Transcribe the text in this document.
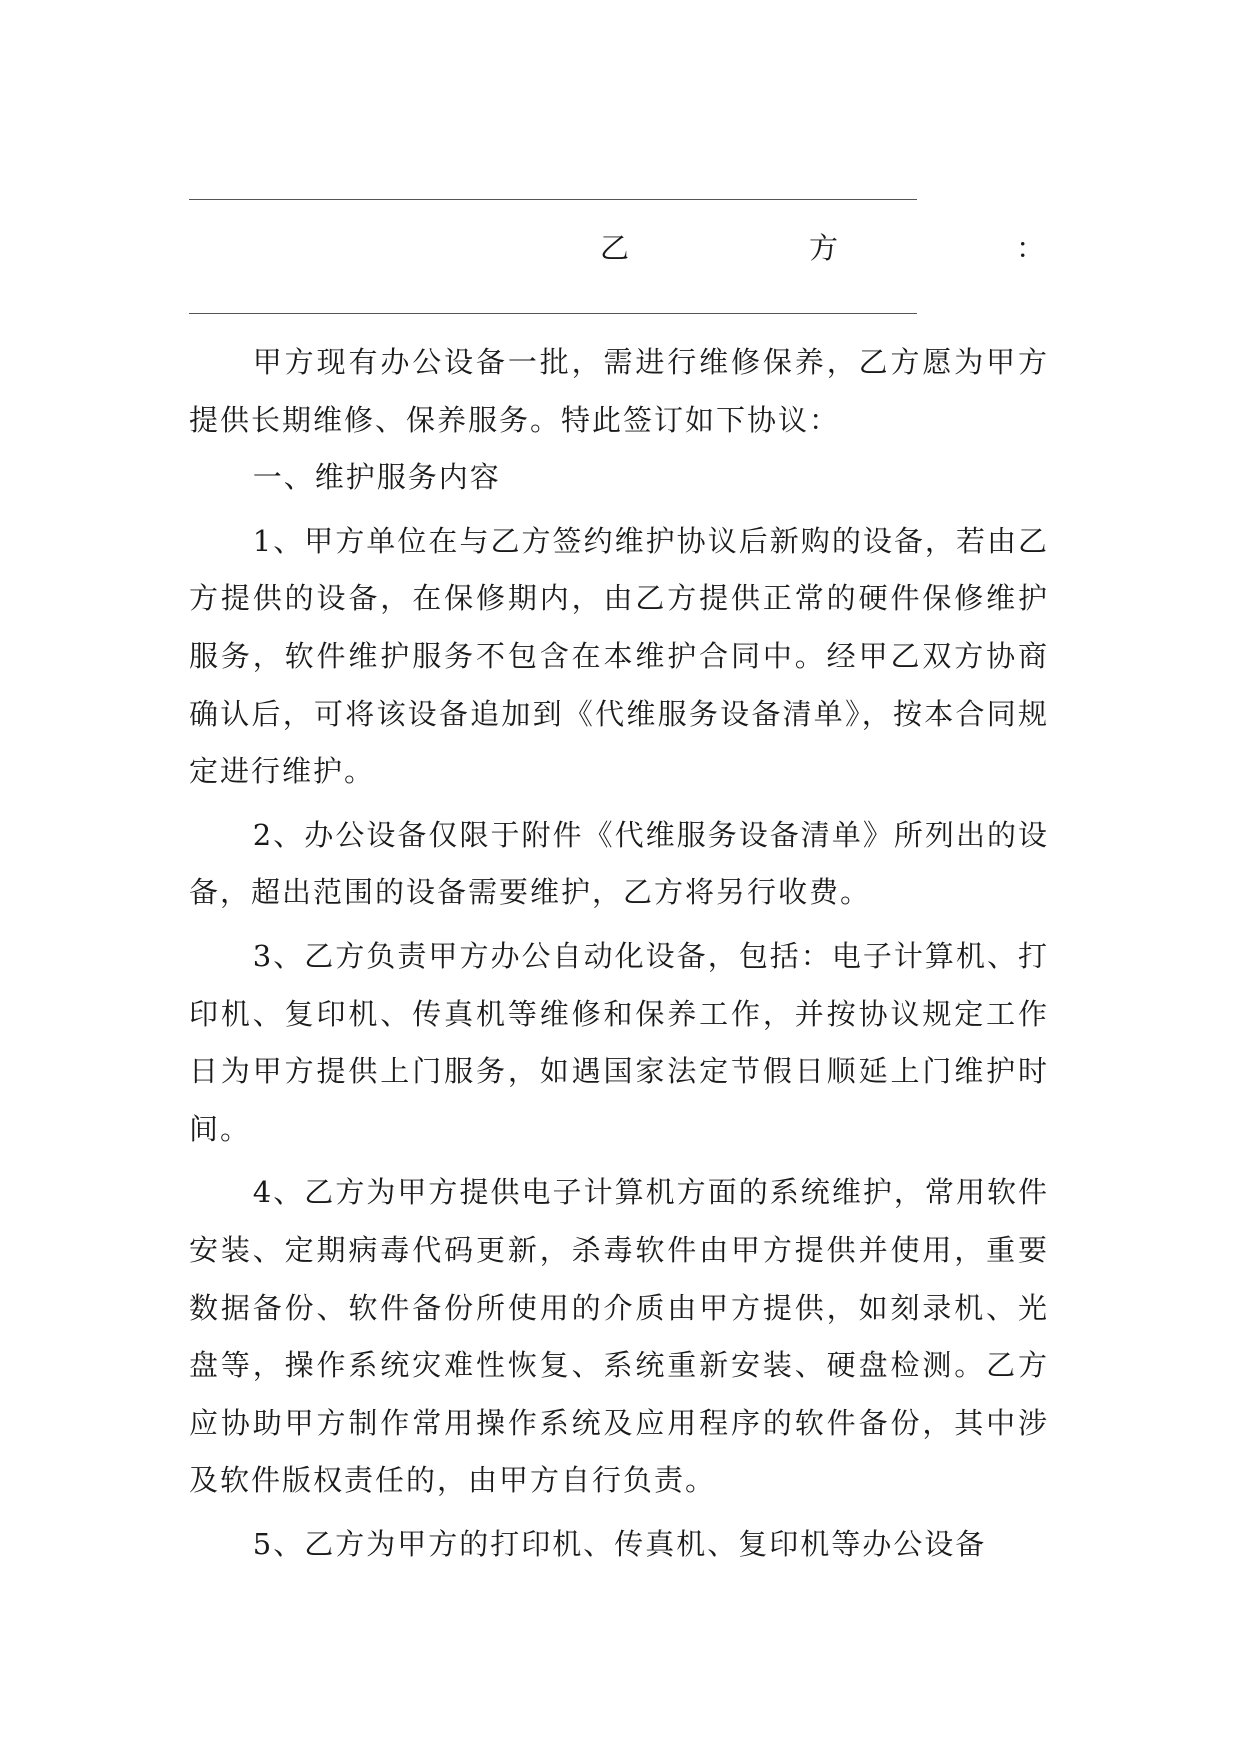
乙	方	：

甲方现有办公设备一批，需进行维修保养，乙方愿为甲方提供长期维修、保养服务。特此签订如下协议：

一、维护服务内容

1、甲方单位在与乙方签约维护协议后新购的设备，若由乙方提供的设备，在保修期内，由乙方提供正常的硬件保修维护服务，软件维护服务不包含在本维护合同中。经甲乙双方协商确认后，可将该设备追加到《代维服务设备清单》，按本合同规定进行维护。

2、办公设备仅限于附件《代维服务设备清单》所列出的设备，超出范围的设备需要维护，乙方将另行收费。

3、乙方负责甲方办公自动化设备，包括：电子计算机、打印机、复印机、传真机等维修和保养工作，并按协议规定工作日为甲方提供上门服务，如遇国家法定节假日顺延上门维护时间。

4、乙方为甲方提供电子计算机方面的系统维护，常用软件安装、定期病毒代码更新，杀毒软件由甲方提供并使用，重要数据备份、软件备份所使用的介质由甲方提供，如刻录机、光盘等，操作系统灾难性恢复、系统重新安装、硬盘检测。乙方应协助甲方制作常用操作系统及应用程序的软件备份，其中涉及软件版权责任的，由甲方自行负责。

5、乙方为甲方的打印机、传真机、复印机等办公设备
